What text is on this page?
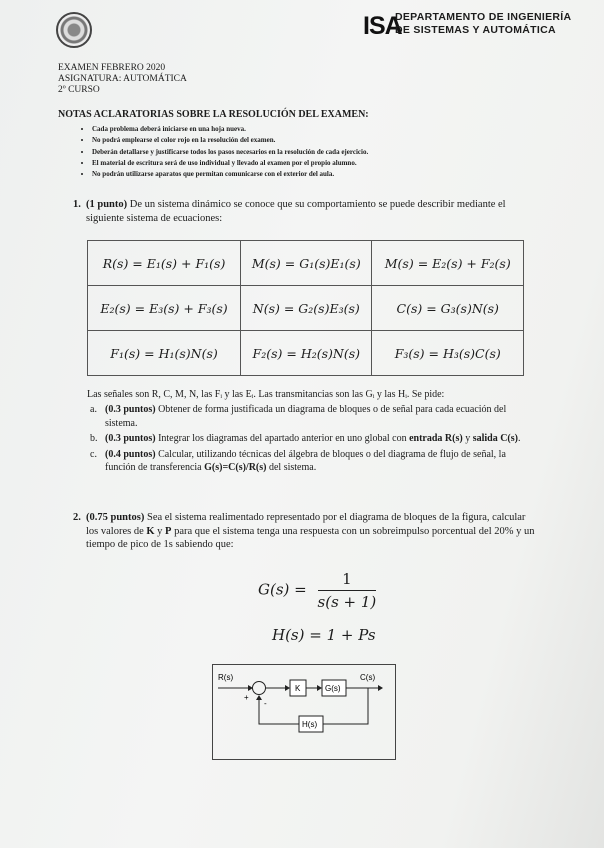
ISA
DEPARTAMENTO DE INGENIERÍA
DE SISTEMAS Y AUTOMÁTICA
EXAMEN FEBRERO 2020
ASIGNATURA: AUTOMÁTICA
2º CURSO
NOTAS ACLARATORIAS SOBRE LA RESOLUCIÓN DEL EXAMEN:
• Cada problema deberá iniciarse en una hoja nueva.
• No podrá emplearse el color rojo en la resolución del examen.
• Deberán detallarse y justificarse todos los pasos necesarios en la resolución de cada ejercicio.
• El material de escritura será de uso individual y llevado al examen por el propio alumno.
• No podrán utilizarse aparatos que permitan comunicarse con el exterior del aula.
1. (1 punto) De un sistema dinámico se conoce que su comportamiento se puede describir mediante el siguiente sistema de ecuaciones:
R(s) = E₁(s) + F₁(s)	M(s) = G₁(s)E₁(s)	M(s) = E₂(s) + F₂(s)
E₂(s) = E₃(s) + F₃(s)	N(s) = G₂(s)E₃(s)	C(s) = G₃(s)N(s)
F₁(s) = H₁(s)N(s)	F₂(s) = H₂(s)N(s)	F₃(s) = H₃(s)C(s)
Las señales son R, C, M, N, las Fᵢ y las Eᵢ. Las transmitancias son las Gᵢ y las Hᵢ. Se pide:
a. (0.3 puntos) Obtener de forma justificada un diagrama de bloques o de señal para cada ecuación del sistema.
b. (0.3 puntos) Integrar los diagramas del apartado anterior en uno global con entrada R(s) y salida C(s).
c. (0.4 puntos) Calcular, utilizando técnicas del álgebra de bloques o del diagrama de flujo de señal, la función de transferencia G(s)=C(s)/R(s) del sistema.
2. (0.75 puntos) Sea el sistema realimentado representado por el diagrama de bloques de la figura, calcular los valores de K y P para que el sistema tenga una respuesta con un sobreimpulso porcentual del 20% y un tiempo de pico de 1s sabiendo que:
$G(s) = \frac{1}{s(s + 1)}$
H(s) = 1 + Ps
R(s)
+
-
K	G(s)
C(s)
H(s)
